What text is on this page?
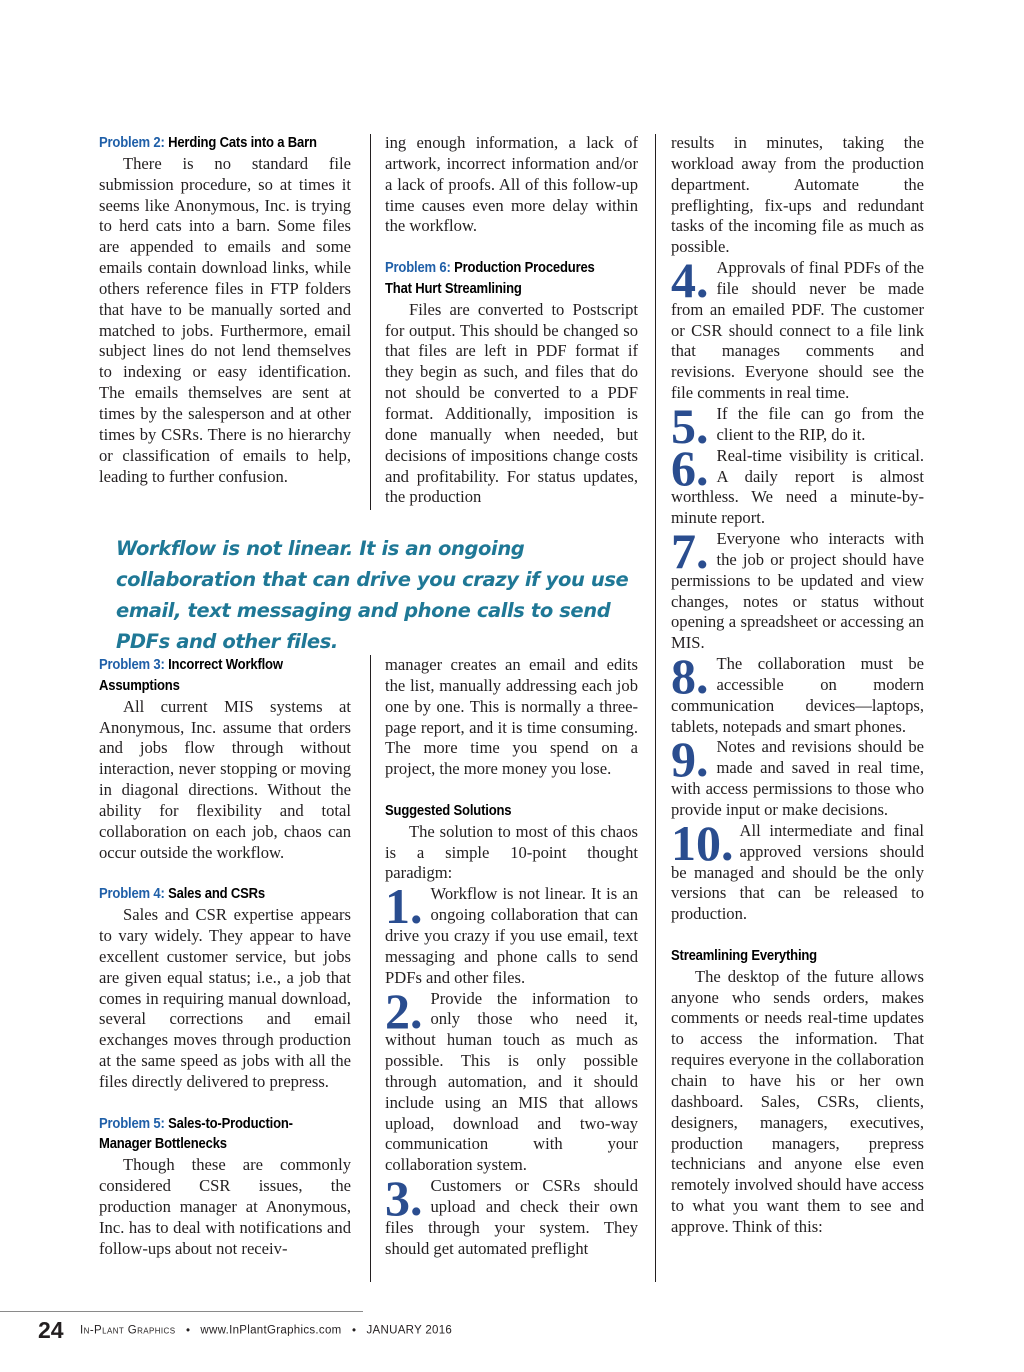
Problem 2: Herding Cats into a Barn

There is no standard file submission procedure, so at times it seems like Anonymous, Inc. is trying to herd cats into a barn. Some files are appended to emails and some emails contain download links, while others reference files in FTP folders that have to be manually sorted and matched to jobs. Furthermore, email subject lines do not lend themselves to indexing or easy identification. The emails themselves are sent at times by the salesperson and at other times by CSRs. There is no hierarchy or classification of emails to help, leading to further confusion.

Problem 3: Incorrect Workflow
Assumptions

All current MIS systems at Anonymous, Inc. assume that orders and jobs flow through without interaction, never stopping or moving in diagonal directions. Without the ability for flexibility and total collaboration on each job, chaos can occur outside the workflow.

Problem 4: Sales and CSRs

Sales and CSR expertise appears to vary widely. They appear to have excellent customer service, but jobs are given equal status; i.e., a job that comes in requiring manual download, several corrections and email exchanges moves through production at the same speed as jobs with all the files directly delivered to prepress.

Problem 5: Sales-to-Production-
Manager Bottlenecks

Though these are commonly considered CSR issues, the production manager at Anonymous, Inc. has to deal with notifications and follow-ups about not receiv-

ing enough information, a lack of artwork, incorrect information and/or a lack of proofs. All of this follow-up time causes even more delay within the workflow.

Problem 6: Production Procedures
That Hurt Streamlining

Files are converted to Postscript for output. This should be changed so that files are left in PDF format if they begin as such, and files that do not should be converted to a PDF format. Additionally, imposition is done manually when needed, but decisions of impositions change costs and profitability. For status updates, the production

Workflow is not linear. It is an ongoing collaboration that can drive you crazy if you use email, text messaging and phone calls to send PDFs and other files.

manager creates an email and edits the list, manually addressing each job one by one. This is normally a three-page report, and it is time consuming. The more time you spend on a project, the more money you lose.

Suggested Solutions

The solution to most of this chaos is a simple 10-point thought paradigm:

1. Workflow is not linear. It is an ongoing collaboration that can drive you crazy if you use email, text messaging and phone calls to send PDFs and other files.
2. Provide the information to only those who need it, without human touch as much as possible. This is only possible through automation, and it should include using an MIS that allows upload, download and two-way communication with your collaboration system.
3. Customers or CSRs should upload and check their own files through your system. They should get automated preflight

results in minutes, taking the workload away from the production department. Automate the preflighting, fix-ups and redundant tasks of the incoming file as much as possible.

4. Approvals of final PDFs of the file should never be made from an emailed PDF. The customer or CSR should connect to a file link that manages comments and revisions. Everyone should see the file comments in real time.
5. If the file can go from the client to the RIP, do it.
6. Real-time visibility is critical. A daily report is almost worthless. We need a minute-by-minute report.
7. Everyone who interacts with the job or project should have permissions to be updated and view changes, notes or status without opening a spreadsheet or accessing an MIS.
8. The collaboration must be accessible on modern communication devices—laptops, tablets, notepads and smart phones.
9. Notes and revisions should be made and saved in real time, with access permissions to those who provide input or make decisions.
10. All intermediate and final approved versions should be managed and should be the only versions that can be released to production.
Streamlining Everything

The desktop of the future allows anyone who sends orders, makes comments or needs real-time updates to access the information. That requires everyone in the collaboration chain to have his or her own dashboard. Sales, CSRs, clients, designers, managers, executives, production managers, prepress technicians and anyone else even remotely involved should have access to what you want them to see and approve. Think of this:

24 In-Plant Graphics • www.InPlantGraphics.com • JANUARY 2016
